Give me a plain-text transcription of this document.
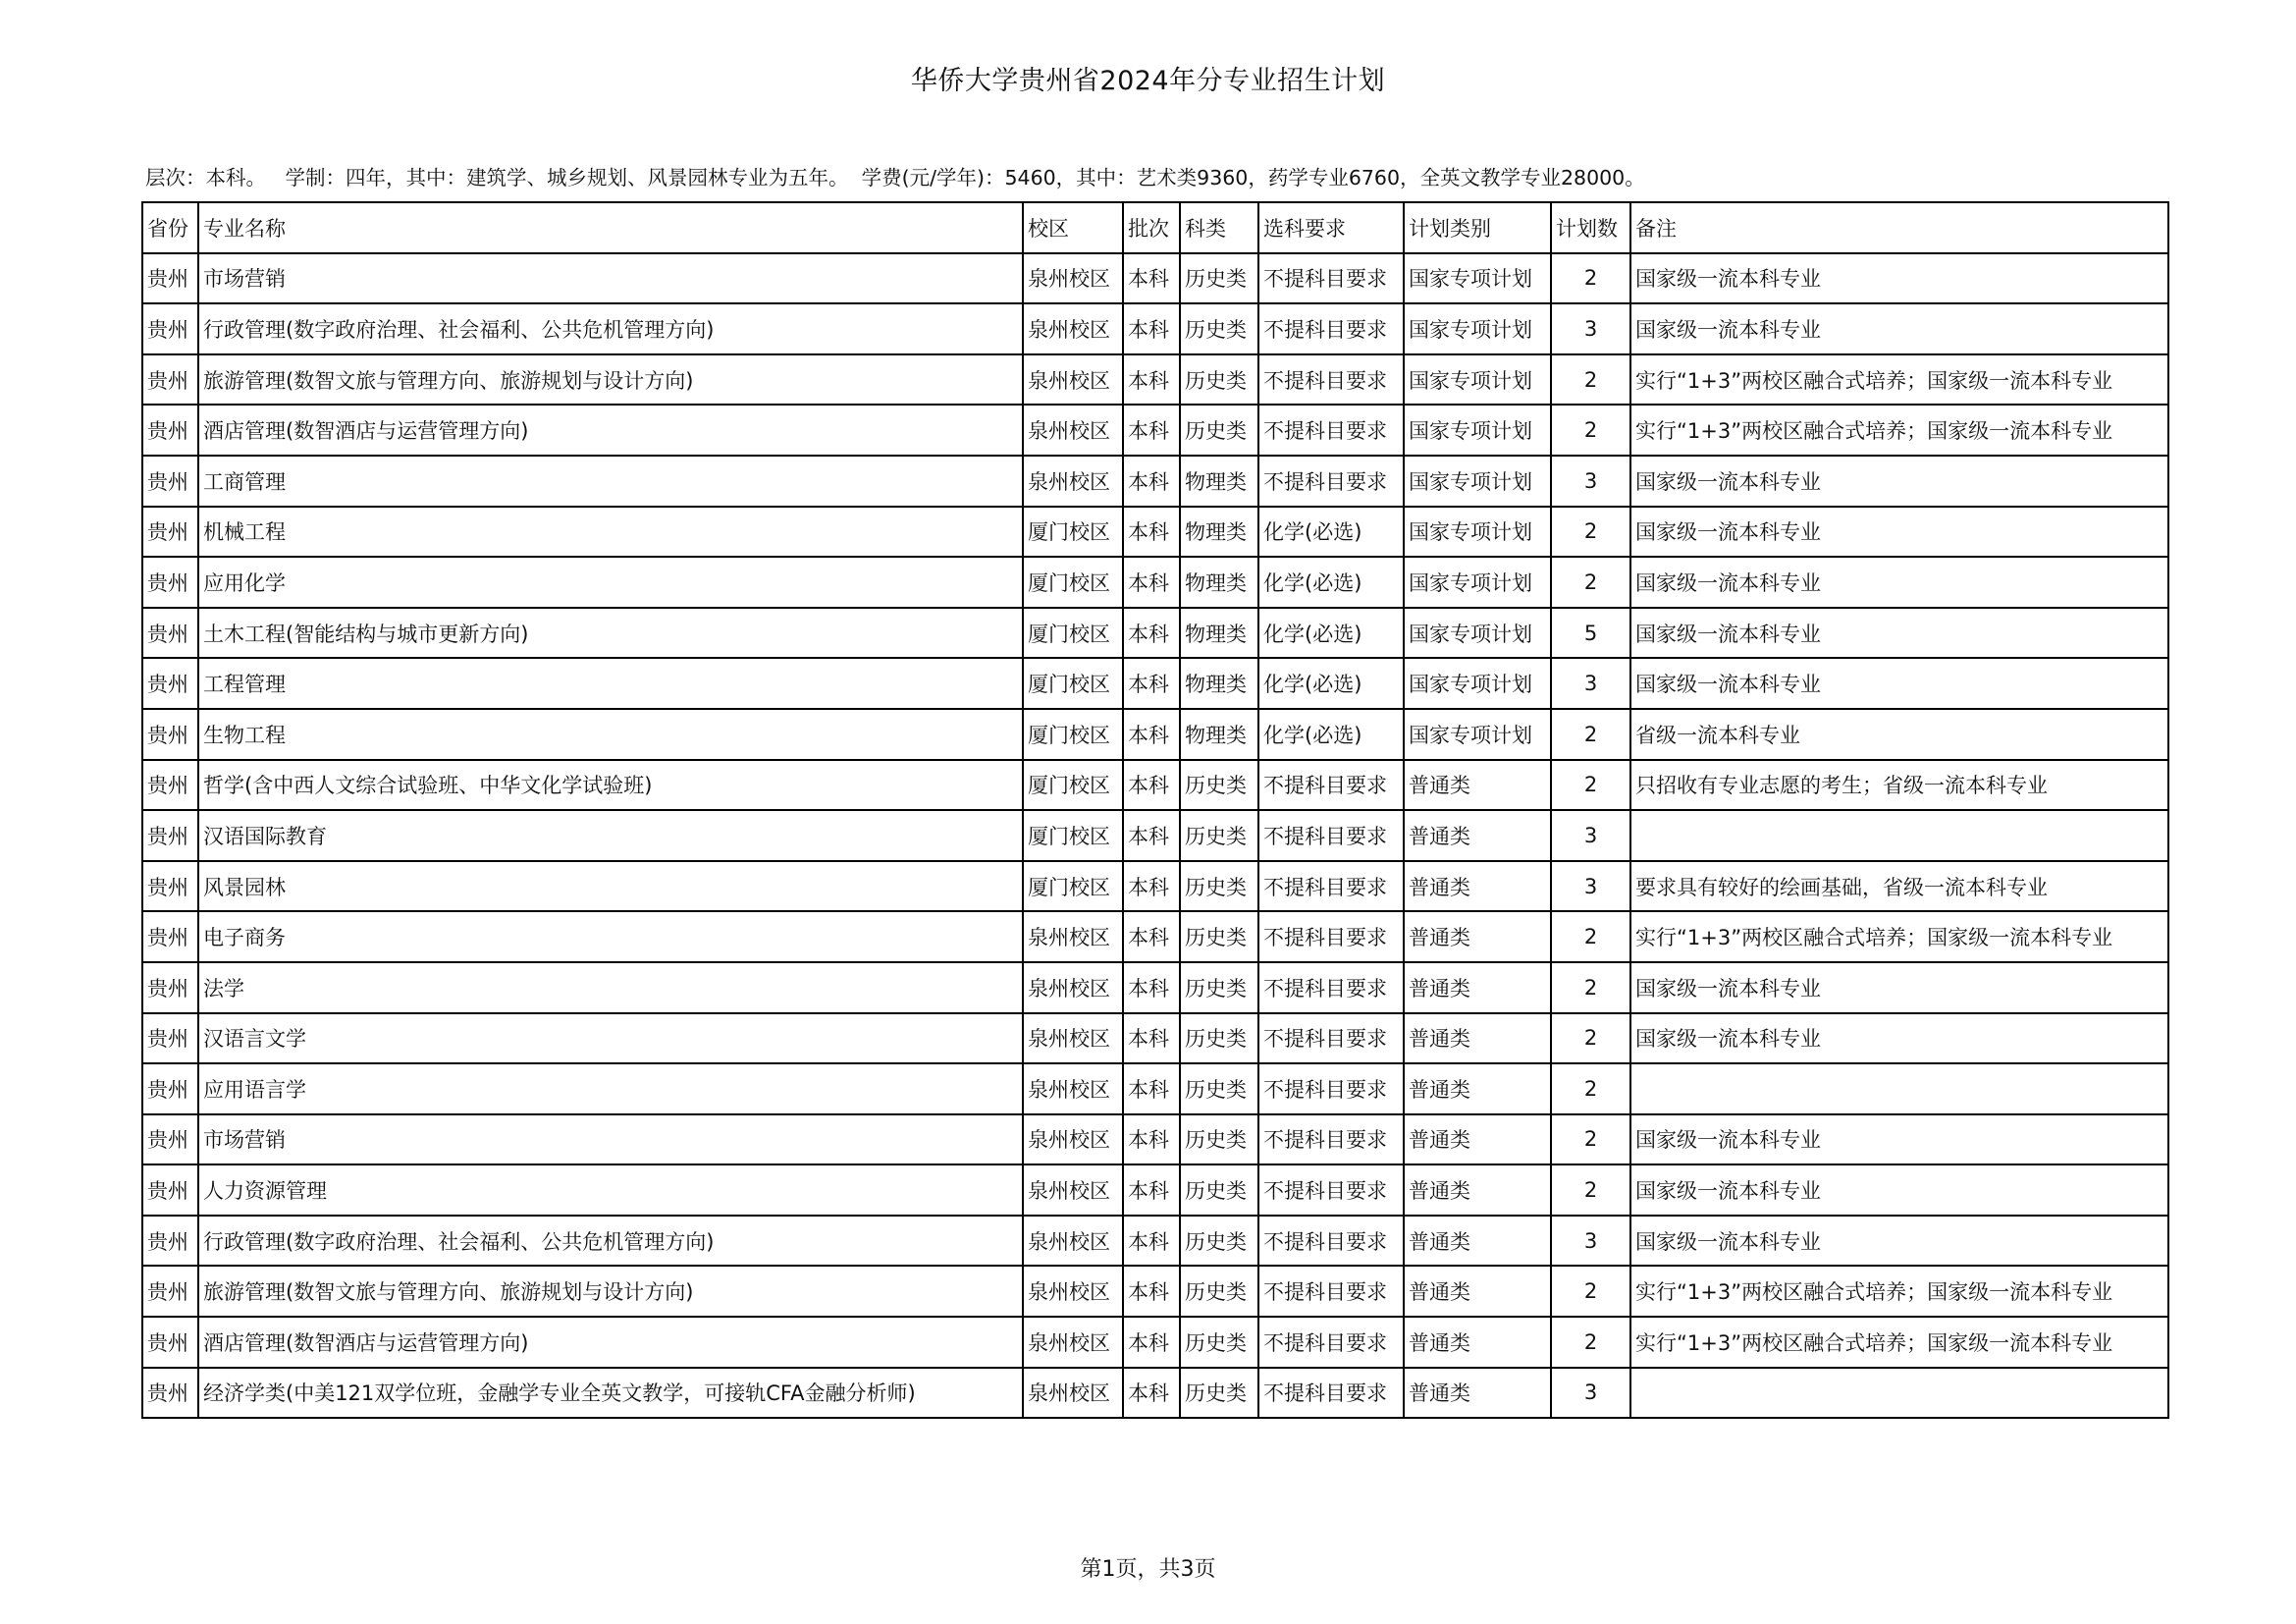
华侨大学贵州省2024年分专业招生计划
层次：本科。   学制：四年，其中：建筑学、城乡规划、风景园林专业为五年。  学费(元/学年)：5460，其中：艺术类9360，药学专业6760，全英文教学专业28000。
省份	专业名称	校区	批次	科类	选科要求	计划类别	计划数	备注
贵州	市场营销	泉州校区	本科	历史类	不提科目要求	国家专项计划	2	国家级一流本科专业
贵州	行政管理(数字政府治理、社会福利、公共危机管理方向)	泉州校区	本科	历史类	不提科目要求	国家专项计划	3	国家级一流本科专业
贵州	旅游管理(数智文旅与管理方向、旅游规划与设计方向)	泉州校区	本科	历史类	不提科目要求	国家专项计划	2	实行“1+3”两校区融合式培养；国家级一流本科专业
贵州	酒店管理(数智酒店与运营管理方向)	泉州校区	本科	历史类	不提科目要求	国家专项计划	2	实行“1+3”两校区融合式培养；国家级一流本科专业
贵州	工商管理	泉州校区	本科	物理类	不提科目要求	国家专项计划	3	国家级一流本科专业
贵州	机械工程	厦门校区	本科	物理类	化学(必选)	国家专项计划	2	国家级一流本科专业
贵州	应用化学	厦门校区	本科	物理类	化学(必选)	国家专项计划	2	国家级一流本科专业
贵州	土木工程(智能结构与城市更新方向)	厦门校区	本科	物理类	化学(必选)	国家专项计划	5	国家级一流本科专业
贵州	工程管理	厦门校区	本科	物理类	化学(必选)	国家专项计划	3	国家级一流本科专业
贵州	生物工程	厦门校区	本科	物理类	化学(必选)	国家专项计划	2	省级一流本科专业
贵州	哲学(含中西人文综合试验班、中华文化学试验班)	厦门校区	本科	历史类	不提科目要求	普通类	2	只招收有专业志愿的考生；省级一流本科专业
贵州	汉语国际教育	厦门校区	本科	历史类	不提科目要求	普通类	3	
贵州	风景园林	厦门校区	本科	历史类	不提科目要求	普通类	3	要求具有较好的绘画基础，省级一流本科专业
贵州	电子商务	泉州校区	本科	历史类	不提科目要求	普通类	2	实行“1+3”两校区融合式培养；国家级一流本科专业
贵州	法学	泉州校区	本科	历史类	不提科目要求	普通类	2	国家级一流本科专业
贵州	汉语言文学	泉州校区	本科	历史类	不提科目要求	普通类	2	国家级一流本科专业
贵州	应用语言学	泉州校区	本科	历史类	不提科目要求	普通类	2	
贵州	市场营销	泉州校区	本科	历史类	不提科目要求	普通类	2	国家级一流本科专业
贵州	人力资源管理	泉州校区	本科	历史类	不提科目要求	普通类	2	国家级一流本科专业
贵州	行政管理(数字政府治理、社会福利、公共危机管理方向)	泉州校区	本科	历史类	不提科目要求	普通类	3	国家级一流本科专业
贵州	旅游管理(数智文旅与管理方向、旅游规划与设计方向)	泉州校区	本科	历史类	不提科目要求	普通类	2	实行“1+3”两校区融合式培养；国家级一流本科专业
贵州	酒店管理(数智酒店与运营管理方向)	泉州校区	本科	历史类	不提科目要求	普通类	2	实行“1+3”两校区融合式培养；国家级一流本科专业
贵州	经济学类(中美121双学位班，金融学专业全英文教学，可接轨CFA金融分析师)	泉州校区	本科	历史类	不提科目要求	普通类	3	
第1页，共3页
